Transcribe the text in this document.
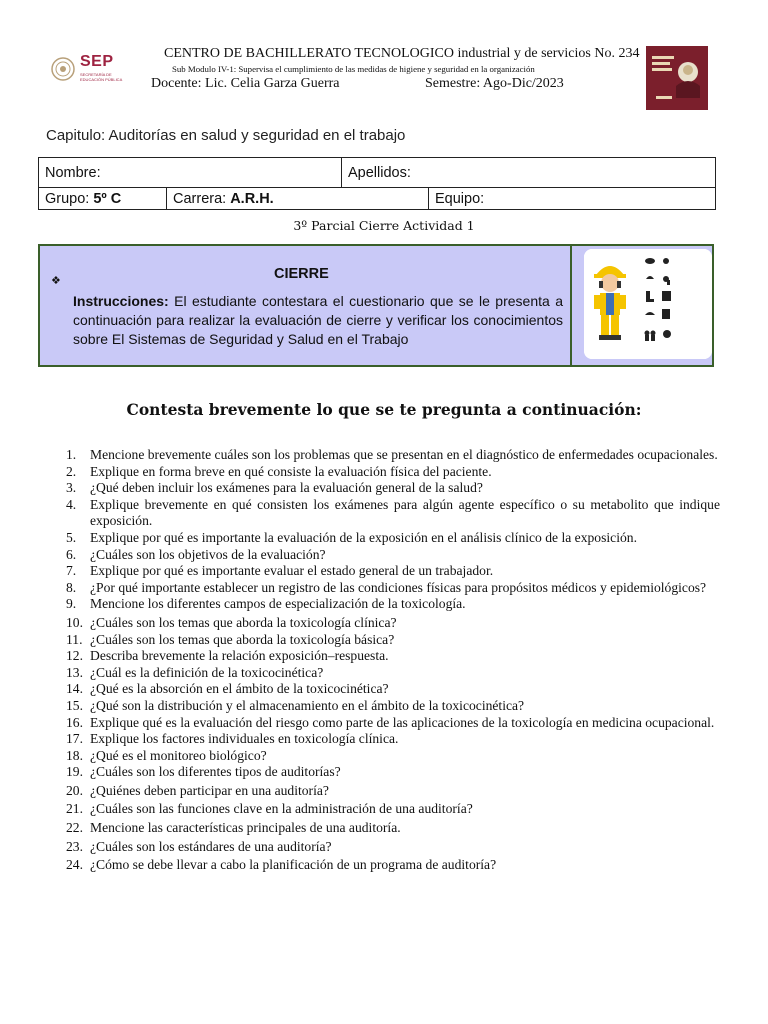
SEP
SECRETARÍA DE EDUCACIÓN PÚBLICA
CENTRO DE BACHILLERATO TECNOLOGICO industrial y de servicios No. 234
Sub Modulo IV-1: Supervisa el cumplimiento de las medidas de higiene y seguridad en la organización
Docente: Lic. Celia Garza Guerra	Semestre: Ago-Dic/2023
Capitulo: Auditorías en salud y seguridad en el trabajo
Nombre:	Apellidos:
Grupo: 5º C	Carrera: A.R.H.	Equipo:
3º Parcial Cierre Actividad 1
❖	CIERRE
Instrucciones: El estudiante contestara el cuestionario que se le presenta a continuación para realizar la evaluación de cierre y verificar los conocimientos sobre El Sistemas de Seguridad y Salud en el Trabajo
Contesta brevemente lo que se te pregunta a continuación:
1. Mencione brevemente cuáles son los problemas que se presentan en el diagnóstico de enfermedades ocupacionales.
2. Explique en forma breve en qué consiste la evaluación física del paciente.
3. ¿Qué deben incluir los exámenes para la evaluación general de la salud?
4. Explique brevemente en qué consisten los exámenes para algún agente específico o su metabolito que indique exposición.
5. Explique por qué es importante la evaluación de la exposición en el análisis clínico de la exposición.
6. ¿Cuáles son los objetivos de la evaluación?
7. Explique por qué es importante evaluar el estado general de un trabajador.
8. ¿Por qué importante establecer un registro de las condiciones físicas para propósitos médicos y epidemiológicos?
9. Mencione los diferentes campos de especialización de la toxicología.
10. ¿Cuáles son los temas que aborda la toxicología clínica?
11. ¿Cuáles son los temas que aborda la toxicología básica?
12. Describa brevemente la relación exposición–respuesta.
13. ¿Cuál es la definición de la toxicocinética?
14. ¿Qué es la absorción en el ámbito de la toxicocinética?
15. ¿Qué son la distribución y el almacenamiento en el ámbito de la toxicocinética?
16. Explique qué es la evaluación del riesgo como parte de las aplicaciones de la toxicología en medicina ocupacional.
17. Explique los factores individuales en toxicología clínica.
18. ¿Qué es el monitoreo biológico?
19. ¿Cuáles son los diferentes tipos de auditorías?
20. ¿Quiénes deben participar en una auditoría?
21. ¿Cuáles son las funciones clave en la administración de una auditoría?
22. Mencione las características principales de una auditoría.
23. ¿Cuáles son los estándares de una auditoría?
24. ¿Cómo se debe llevar a cabo la planificación de un programa de auditoría?
